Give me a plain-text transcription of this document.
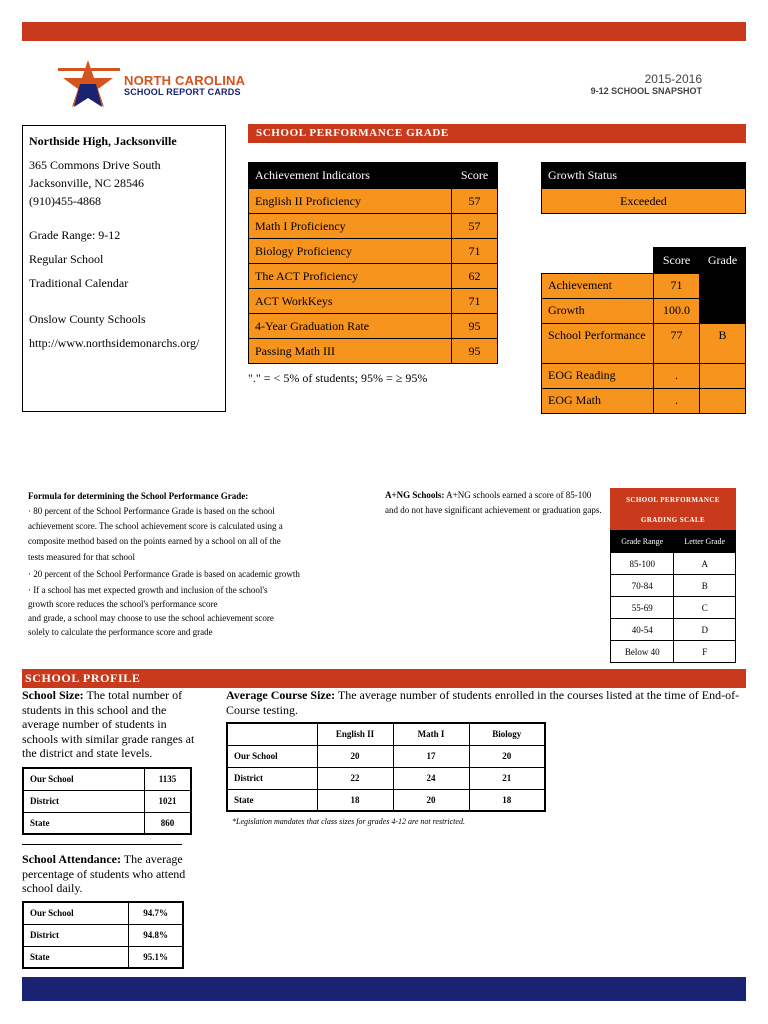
NORTH CAROLINA
SCHOOL REPORT CARDS
2015-2016
9-12 SCHOOL SNAPSHOT
Northside High, Jacksonville
365 Commons Drive South
Jacksonville, NC 28546
(910)455-4868
Grade Range: 9-12
Regular School
Traditional Calendar
Onslow County Schools
http://www.northsidemonarchs.org/
SCHOOL PERFORMANCE GRADE
Achievement Indicators	Score
English II Proficiency	57
Math I Proficiency	57
Biology Proficiency	71
The ACT Proficiency	62
ACT WorkKeys	71
4-Year Graduation Rate	95
Passing Math III	95
"." = < 5% of students; 95% = ≥ 95%
Growth Status
Exceeded
	Score	Grade
Achievement	71	
Growth	100.0	
School Performance	77	B
EOG Reading	.	
EOG Math	.	
Formula for determining the School Performance Grade:
· 80 percent of the School Performance Grade is based on the school
achievement score. The school achievement score is calculated using a
composite method based on the points earned by a school on all of the
tests measured for that school
· 20 percent of the School Performance Grade is based on academic growth
· If a school has met expected growth and inclusion of the school's
growth score reduces the school's performance score
and grade, a school may choose to use the school achievement score
solely to calculate the performance score and grade
A+NG Schools: A+NG schools earned a score of 85-100 and do not have significant achievement or graduation gaps.
SCHOOL PERFORMANCE
GRADING SCALE
Grade Range	Letter Grade
85-100	A
70-84	B
55-69	C
40-54	D
Below 40	F
SCHOOL PROFILE
School Size: The total number of students in this school and the average number of students in schools with similar grade ranges at the district and state levels.
Our School	1135
District	1021
State	860
Average Course Size: The average number of students enrolled in the courses listed at the time of End-of-Course testing.
	English II	Math I	Biology
Our School	20	17	20
District	22	24	21
State	18	20	18
*Legislation mandates that class sizes for grades 4-12 are not restricted.
School Attendance: The average percentage of students who attend school daily.
Our School	94.7%
District	94.8%
State	95.1%
